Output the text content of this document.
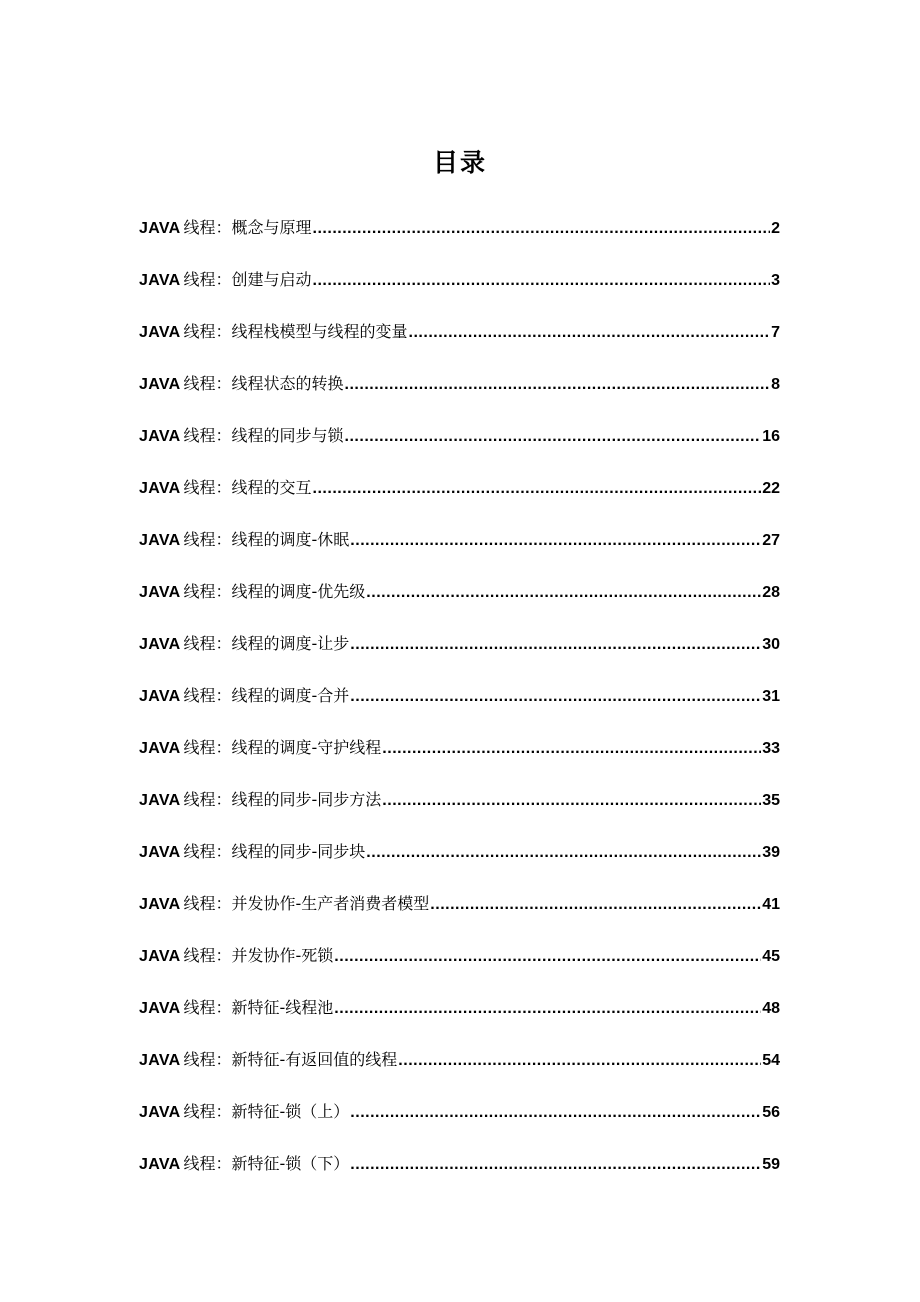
目录
JAVA 线程：概念与原理 .....	2
JAVA 线程：创建与启动 .....	3
JAVA 线程：线程栈模型与线程的变量 .....	7
JAVA 线程：线程状态的转换 .....	8
JAVA 线程：线程的同步与锁 .....	16
JAVA 线程：线程的交互 .....	22
JAVA 线程：线程的调度-休眠 .....	27
JAVA 线程：线程的调度-优先级 .....	28
JAVA 线程：线程的调度-让步 .....	30
JAVA 线程：线程的调度-合并 .....	31
JAVA 线程：线程的调度-守护线程 .....	33
JAVA 线程：线程的同步-同步方法 .....	35
JAVA 线程：线程的同步-同步块 .....	39
JAVA 线程：并发协作-生产者消费者模型 .....	41
JAVA 线程：并发协作-死锁 .....	45
JAVA 线程：新特征-线程池 .....	48
JAVA 线程：新特征-有返回值的线程 .....	54
JAVA 线程：新特征-锁（上） .....	56
JAVA 线程：新特征-锁（下） .....	59
